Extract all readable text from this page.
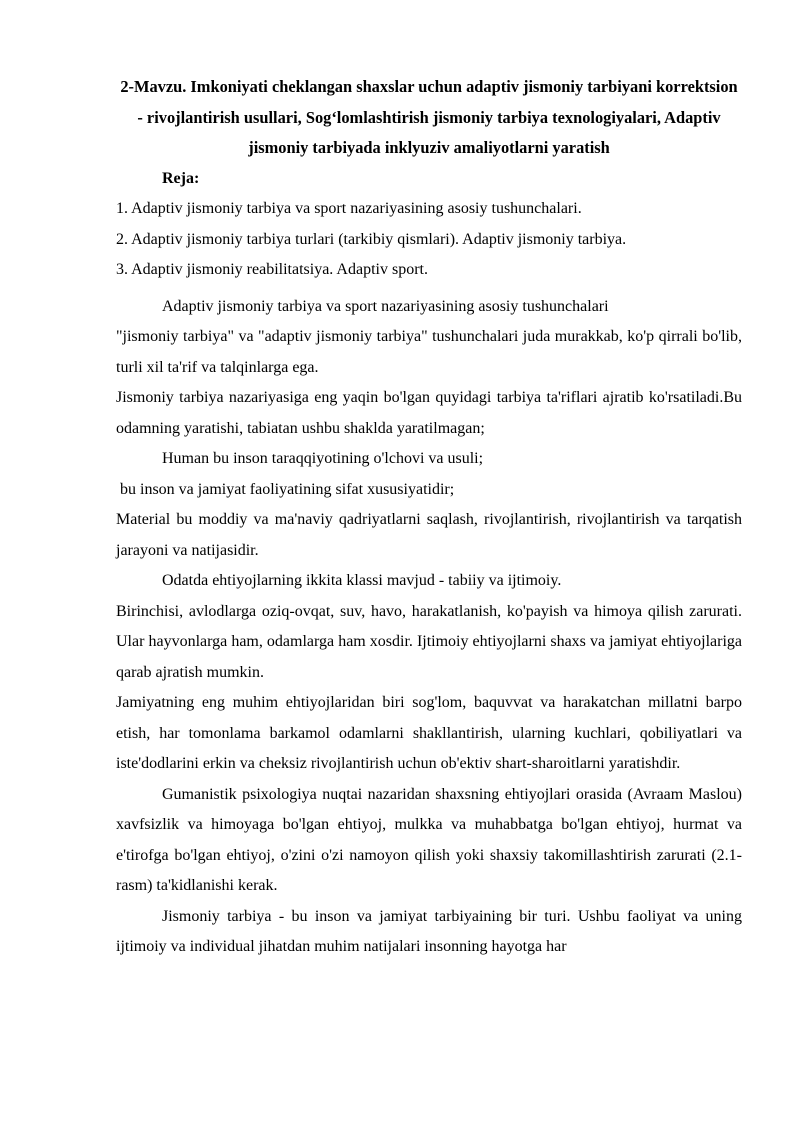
2-Mavzu. Imkoniyati cheklangan shaxslar uchun adaptiv jismoniy tarbiyani korrektsion - rivojlantirish usullari, Sog‘lomlashtirish jismoniy tarbiya texnologiyalari, Adaptiv jismoniy tarbiyada inklyuziv amaliyotlarni yaratish

Reja:

1. Adaptiv jismoniy tarbiya va sport nazariyasining asosiy tushunchalari.

2. Adaptiv jismoniy tarbiya turlari (tarkibiy qismlari). Adaptiv jismoniy tarbiya.

3. Adaptiv jismoniy reabilitatsiya. Adaptiv sport.

Adaptiv jismoniy tarbiya va sport nazariyasining asosiy tushunchalari

"jismoniy tarbiya" va "adaptiv jismoniy tarbiya" tushunchalari juda murakkab, ko'p qirrali bo'lib, turli xil ta'rif va talqinlarga ega.

Jismoniy tarbiya nazariyasiga eng yaqin bo'lgan quyidagi tarbiya ta'riflari ajratib ko'rsatiladi.Bu odamning yaratishi, tabiatan ushbu shaklda yaratilmagan;

Human bu inson taraqqiyotining o'lchovi va usuli;

bu inson va jamiyat faoliyatining sifat xususiyatidir;

Material bu moddiy va ma'naviy qadriyatlarni saqlash, rivojlantirish, rivojlantirish va tarqatish jarayoni va natijasidir.

Odatda ehtiyojlarning ikkita klassi mavjud - tabiiy va ijtimoiy.

Birinchisi, avlodlarga oziq-ovqat, suv, havo, harakatlanish, ko'payish va himoya qilish zarurati. Ular hayvonlarga ham, odamlarga ham xosdir. Ijtimoiy ehtiyojlarni shaxs va jamiyat ehtiyojlariga qarab ajratish mumkin.

Jamiyatning eng muhim ehtiyojlaridan biri sog'lom, baquvvat va harakatchan millatni barpo etish, har tomonlama barkamol odamlarni shakllantirish, ularning kuchlari, qobiliyatlari va iste'dodlarini erkin va cheksiz rivojlantirish uchun ob'ektiv shart-sharoitlarni yaratishdir.

Gumanistik psixologiya nuqtai nazaridan shaxsning ehtiyojlari orasida (Avraam Maslou) xavfsizlik va himoyaga bo'lgan ehtiyoj, mulkka va muhabbatga bo'lgan ehtiyoj, hurmat va e'tirofga bo'lgan ehtiyoj, o'zini o'zi namoyon qilish yoki shaxsiy takomillashtirish zarurati (2.1-rasm) ta'kidlanishi kerak.

Jismoniy tarbiya - bu inson va jamiyat tarbiyaining bir turi. Ushbu faoliyat va uning ijtimoiy va individual jihatdan muhim natijalari insonning hayotga har
